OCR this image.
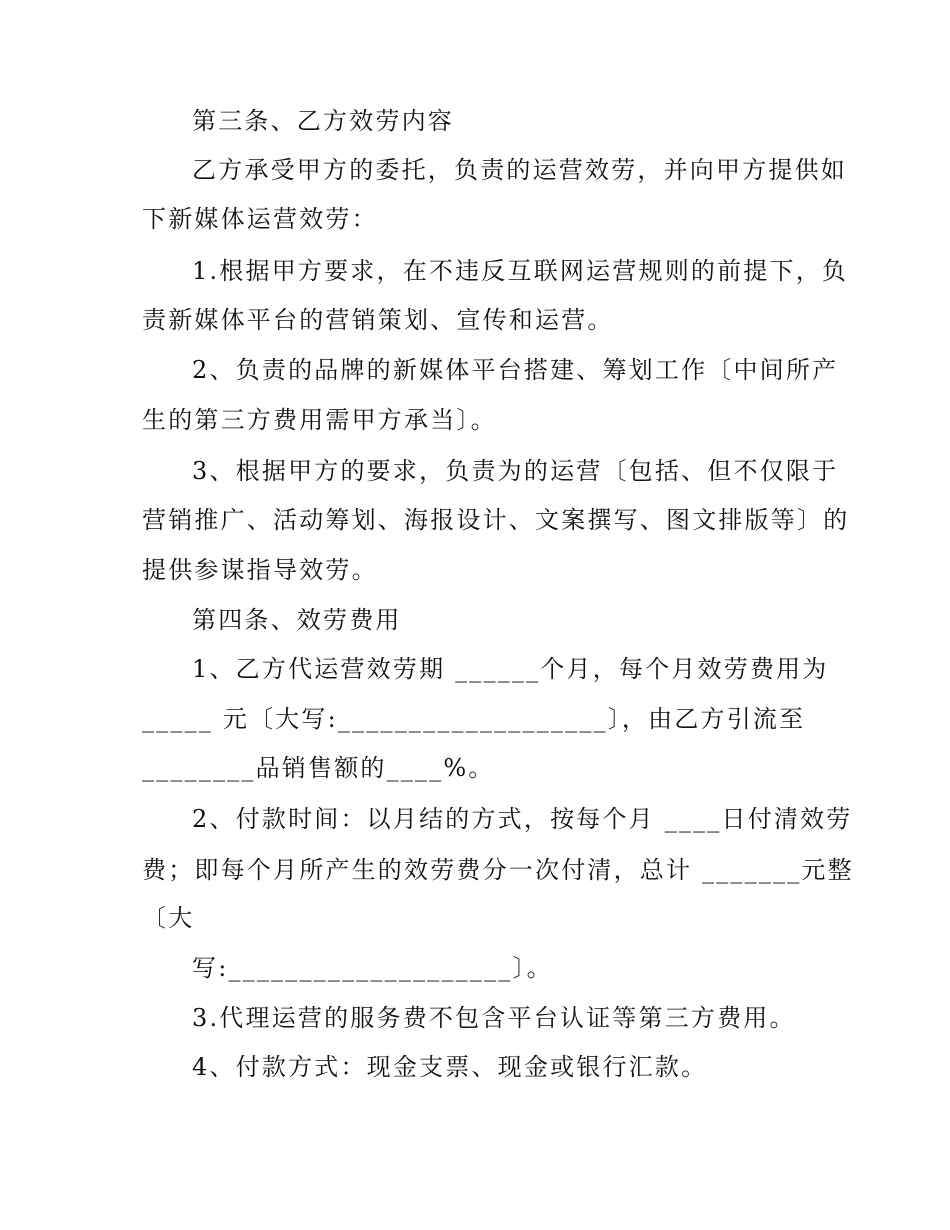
第三条、乙方效劳内容
乙方承受甲方的委托，负责的运营效劳，并向甲方提供如
下新媒体运营效劳：
1.根据甲方要求，在不违反互联网运营规则的前提下，负
责新媒体平台的营销策划、宣传和运营。
2、负责的品牌的新媒体平台搭建、筹划工作〔中间所产
生的第三方费用需甲方承当〕。
3、根据甲方的要求，负责为的运营〔包括、但不仅限于
营销推广、活动筹划、海报设计、文案撰写、图文排版等〕的
提供参谋指导效劳。
第四条、效劳费用
1、乙方代运营效劳期 ______个月，每个月效劳费用为
_____ 元〔大写:___________________〕，由乙方引流至
________品销售额的____%。
2、付款时间：以月结的方式，按每个月 ____日付清效劳
费；即每个月所产生的效劳费分一次付清，总计 _______元整
〔大
写:____________________〕。
3.代理运营的服务费不包含平台认证等第三方费用。
4、付款方式：现金支票、现金或银行汇款。
